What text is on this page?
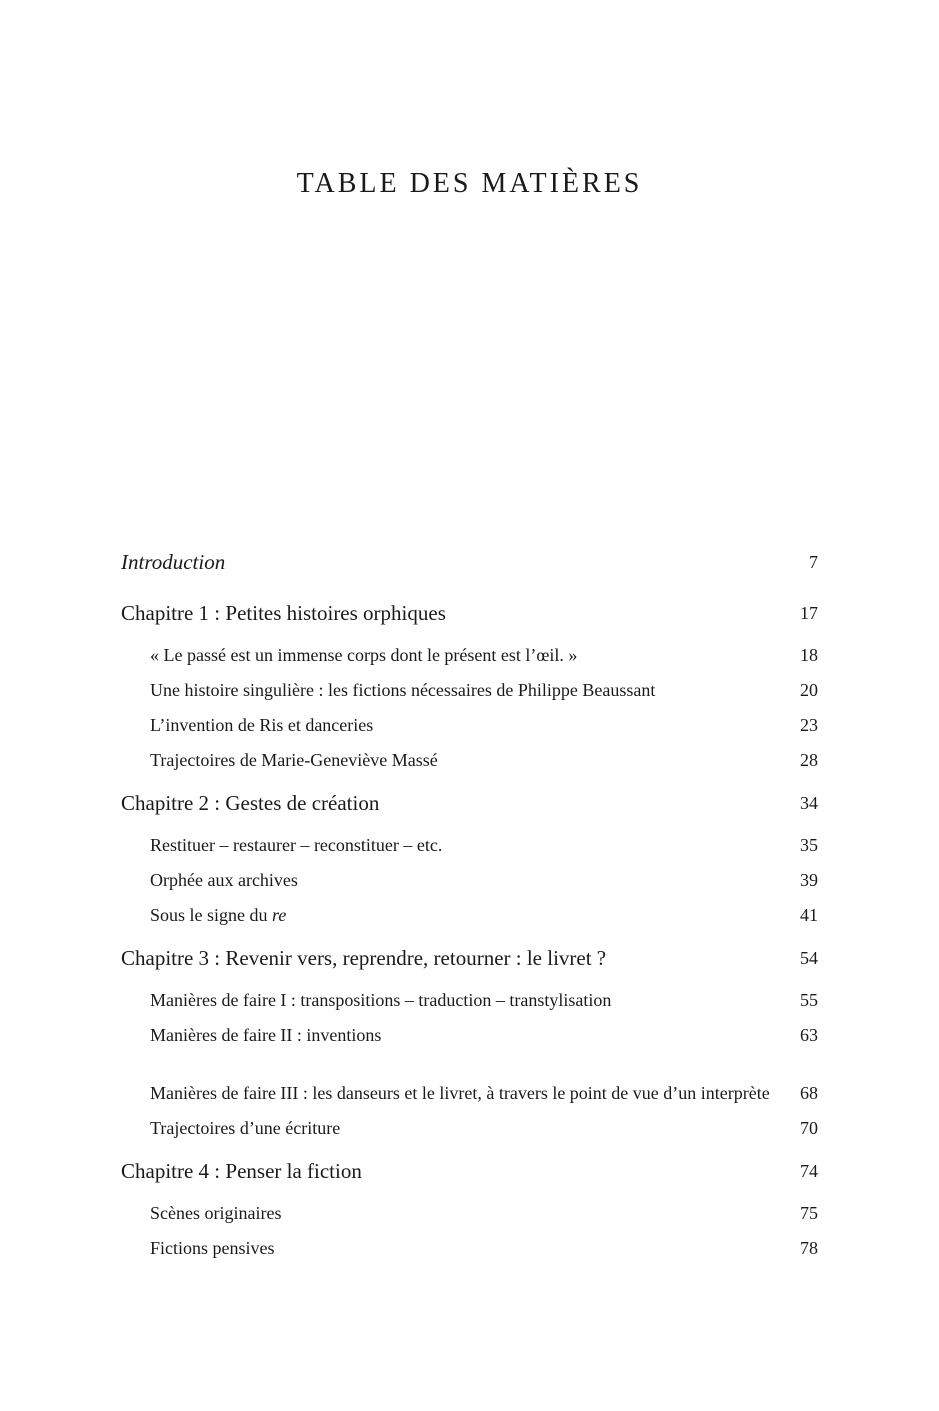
TABLE DES MATIÈRES
Introduction	7
Chapitre 1 : Petites histoires orphiques	17
« Le passé est un immense corps dont le présent est l’œil. »	18
Une histoire singulière : les fictions nécessaires de Philippe Beaussant	20
L’invention de Ris et danceries	23
Trajectoires de Marie-Geneviève Massé	28
Chapitre 2 : Gestes de création	34
Restituer – restaurer – reconstituer – etc.	35
Orphée aux archives	39
Sous le signe du re	41
Chapitre 3 : Revenir vers, reprendre, retourner : le livret ?	54
Manières de faire I : transpositions – traduction – transtylisation	55
Manières de faire II : inventions	63
Manières de faire III : les danseurs et le livret, à travers le point de vue d’un interprète	68
Trajectoires d’une écriture	70
Chapitre 4 : Penser la fiction	74
Scènes originaires	75
Fictions pensives	78
